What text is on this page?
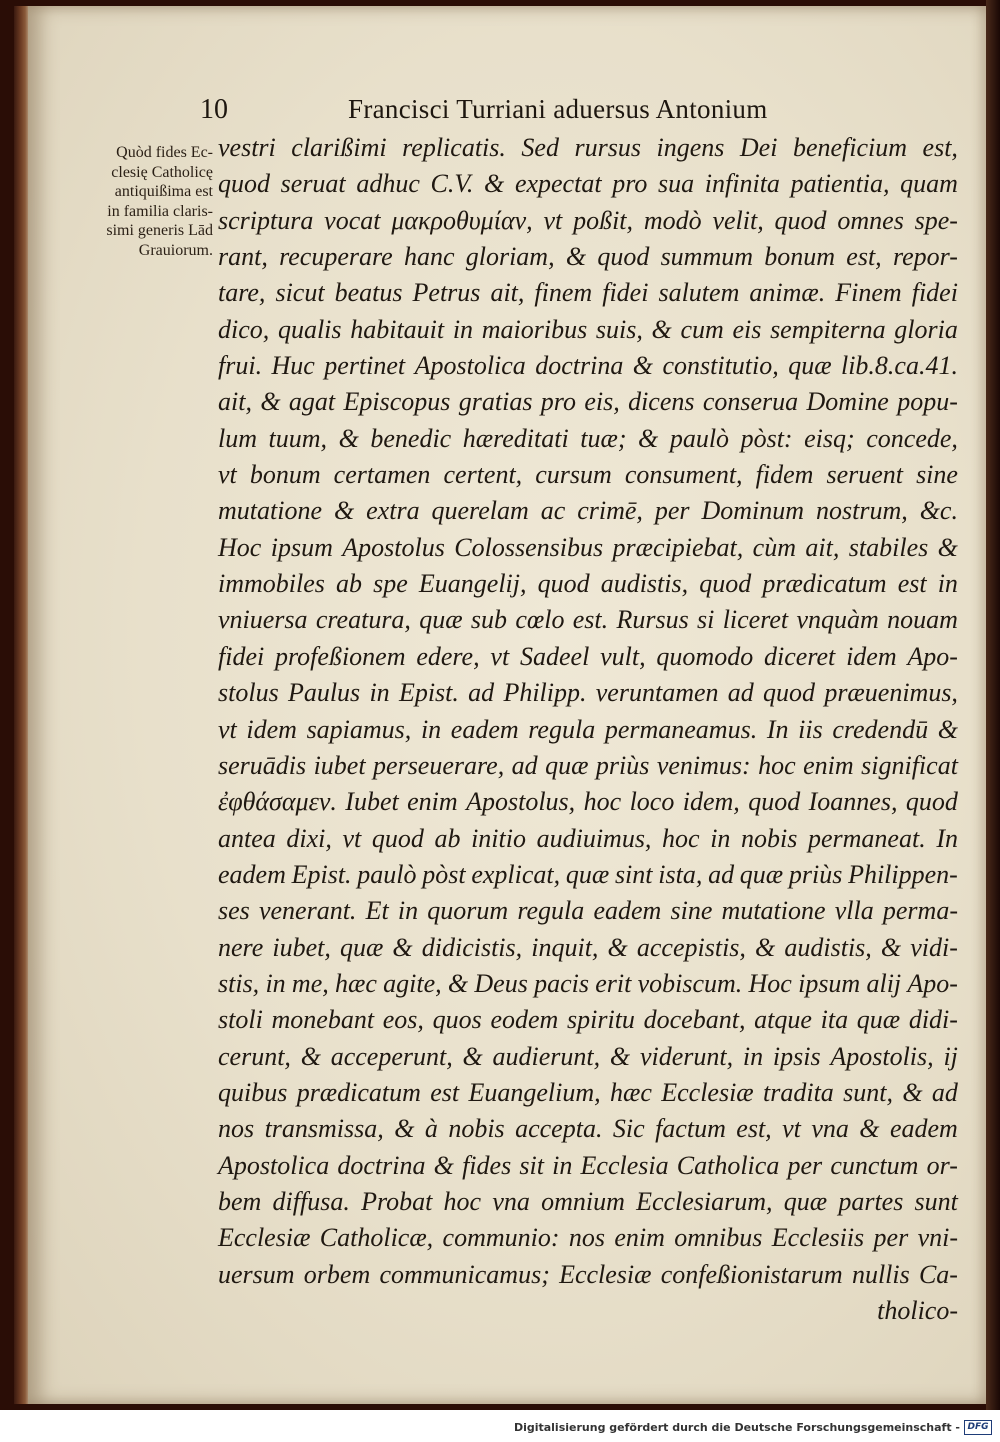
10	Francisci Turriani aduersus Antonium
Quòd fides Ec-
clesię Catholicę
antiquißima est
in familia claris-
simi generis Lād
Grauiorum.
vestri clarißimi replicatis. Sed rursus ingens Dei beneficium est,
quod seruat adhuc C.V. & expectat pro sua infinita patientia, quam
scriptura vocat μακροθυμίαν, vt poßit, modò velit, quod omnes spe-
rant, recuperare hanc gloriam, & quod summum bonum est, repor-
tare, sicut beatus Petrus ait, finem fidei salutem animæ. Finem fidei
dico, qualis habitauit in maioribus suis, & cum eis sempiterna gloria
frui. Huc pertinet Apostolica doctrina & constitutio, quæ lib.8.ca.41.
ait, & agat Episcopus gratias pro eis, dicens conserua Domine popu-
lum tuum, & benedic hæreditati tuæ; & paulò pòst: eisq; concede,
vt bonum certamen certent, cursum consument, fidem seruent sine
mutatione & extra querelam ac crimē, per Dominum nostrum, &c.
Hoc ipsum Apostolus Colossensibus præcipiebat, cùm ait, stabiles &
immobiles ab spe Euangelij, quod audistis, quod prædicatum est in
vniuersa creatura, quæ sub cœlo est. Rursus si liceret vnquàm nouam
fidei profeßionem edere, vt Sadeel vult, quomodo diceret idem Apo-
stolus Paulus in Epist. ad Philipp. veruntamen ad quod præuenimus,
vt idem sapiamus, in eadem regula permaneamus. In iis credendū &
seruādis iubet perseuerare, ad quæ priùs venimus: hoc enim significat
ἐφθάσαμεν. Iubet enim Apostolus, hoc loco idem, quod Ioannes, quod
antea dixi, vt quod ab initio audiuimus, hoc in nobis permaneat. In
eadem Epist. paulò pòst explicat, quæ sint ista, ad quæ priùs Philippen-
ses venerant. Et in quorum regula eadem sine mutatione vlla perma-
nere iubet, quæ & didicistis, inquit, & accepistis, & audistis, & vidi-
stis, in me, hæc agite, & Deus pacis erit vobiscum. Hoc ipsum alij Apo-
stoli monebant eos, quos eodem spiritu docebant, atque ita quæ didi-
cerunt, & acceperunt, & audierunt, & viderunt, in ipsis Apostolis, ij
quibus prædicatum est Euangelium, hæc Ecclesiæ tradita sunt, & ad
nos transmissa, & à nobis accepta. Sic factum est, vt vna & eadem
Apostolica doctrina & fides sit in Ecclesia Catholica per cunctum or-
bem diffusa. Probat hoc vna omnium Ecclesiarum, quæ partes sunt
Ecclesiæ Catholicæ, communio: nos enim omnibus Ecclesiis per vni-
uersum orbem communicamus; Ecclesiæ confeßionistarum nullis Ca-
tholico-
Digitalisierung gefördert durch die Deutsche Forschungsgemeinschaft - DFG
